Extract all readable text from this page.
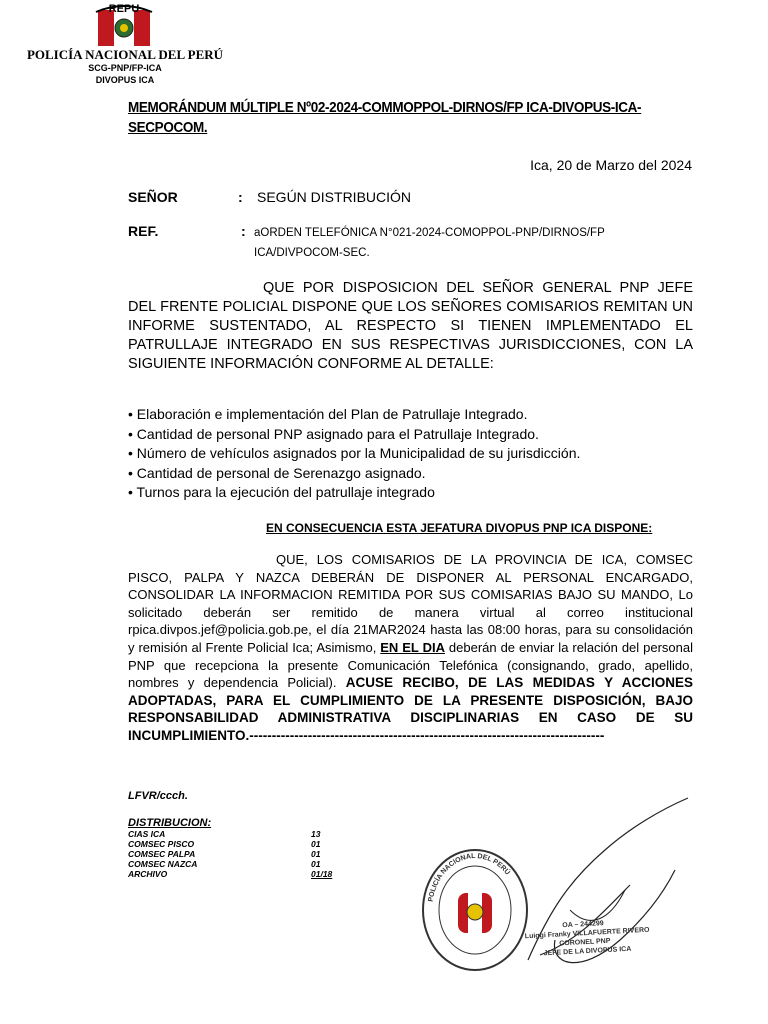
REPU
POLICÍA NACIONAL DEL PERÚ
SCG-PNP/FP-ICA
DIVOPUS ICA
MEMORÁNDUM MÚLTIPLE Nº02-2024-COMMOPPOL-DIRNOS/FP ICA-DIVOPUS-ICA-SECPOCOM.
Ica, 20 de Marzo del 2024
SEÑOR	: SEGÚN DISTRIBUCIÓN
REF.	: aORDEN TELEFÓNICA N°021-2024-COMOPPOL-PNP/DIRNOS/FP
ICA/DIVPOCOM-SEC.
QUE POR DISPOSICION DEL SEÑOR GENERAL PNP JEFE DEL FRENTE POLICIAL DISPONE QUE LOS SEÑORES COMISARIOS REMITAN UN INFORME SUSTENTADO, AL RESPECTO SI TIENEN IMPLEMENTADO EL PATRULLAJE INTEGRADO EN SUS RESPECTIVAS JURISDICCIONES, CON LA SIGUIENTE INFORMACIÓN CONFORME AL DETALLE:
• Elaboración e implementación del Plan de Patrullaje Integrado.
• Cantidad de personal PNP asignado para el Patrullaje Integrado.
• Número de vehículos asignados por la Municipalidad de su jurisdicción.
• Cantidad de personal de Serenazgo asignado.
• Turnos para la ejecución del patrullaje integrado
EN CONSECUENCIA ESTA JEFATURA DIVOPUS PNP ICA DISPONE:
QUE, LOS COMISARIOS DE LA PROVINCIA DE ICA, COMSEC PISCO, PALPA Y NAZCA DEBERÁN DE DISPONER AL PERSONAL ENCARGADO, CONSOLIDAR LA INFORMACION REMITIDA POR SUS COMISARIAS BAJO SU MANDO, Lo solicitado deberán ser remitido de manera virtual al correo institucional rpica.divpos.jef@policia.gob.pe, el día 21MAR2024 hasta las 08:00 horas, para su consolidación y remisión al Frente Policial Ica; Asimismo, EN EL DIA deberán de enviar la relación del personal PNP que recepciona la presente Comunicación Telefónica (consignando, grado, apellido, nombres y dependencia Policial). ACUSE RECIBO, DE LAS MEDIDAS Y ACCIONES ADOPTADAS, PARA EL CUMPLIMIENTO DE LA PRESENTE DISPOSICIÓN, BAJO RESPONSABILIDAD ADMINISTRATIVA DISCIPLINARIAS EN CASO DE SU INCUMPLIMIENTO.-------------------------------------------------------------------------------
LFVR/ccch.
DISTRIBUCION:
CIAS ICA	13
COMSEC PISCO	01
COMSEC PALPA	01
COMSEC NAZCA	01
ARCHIVO	01/18
POLICÍA NACIONAL DEL PERÚ
OA – 244299
Luiggi Franky VILLAFUERTE RIVERO
CORONEL PNP
JEFE DE LA DIVOPUS ICA
